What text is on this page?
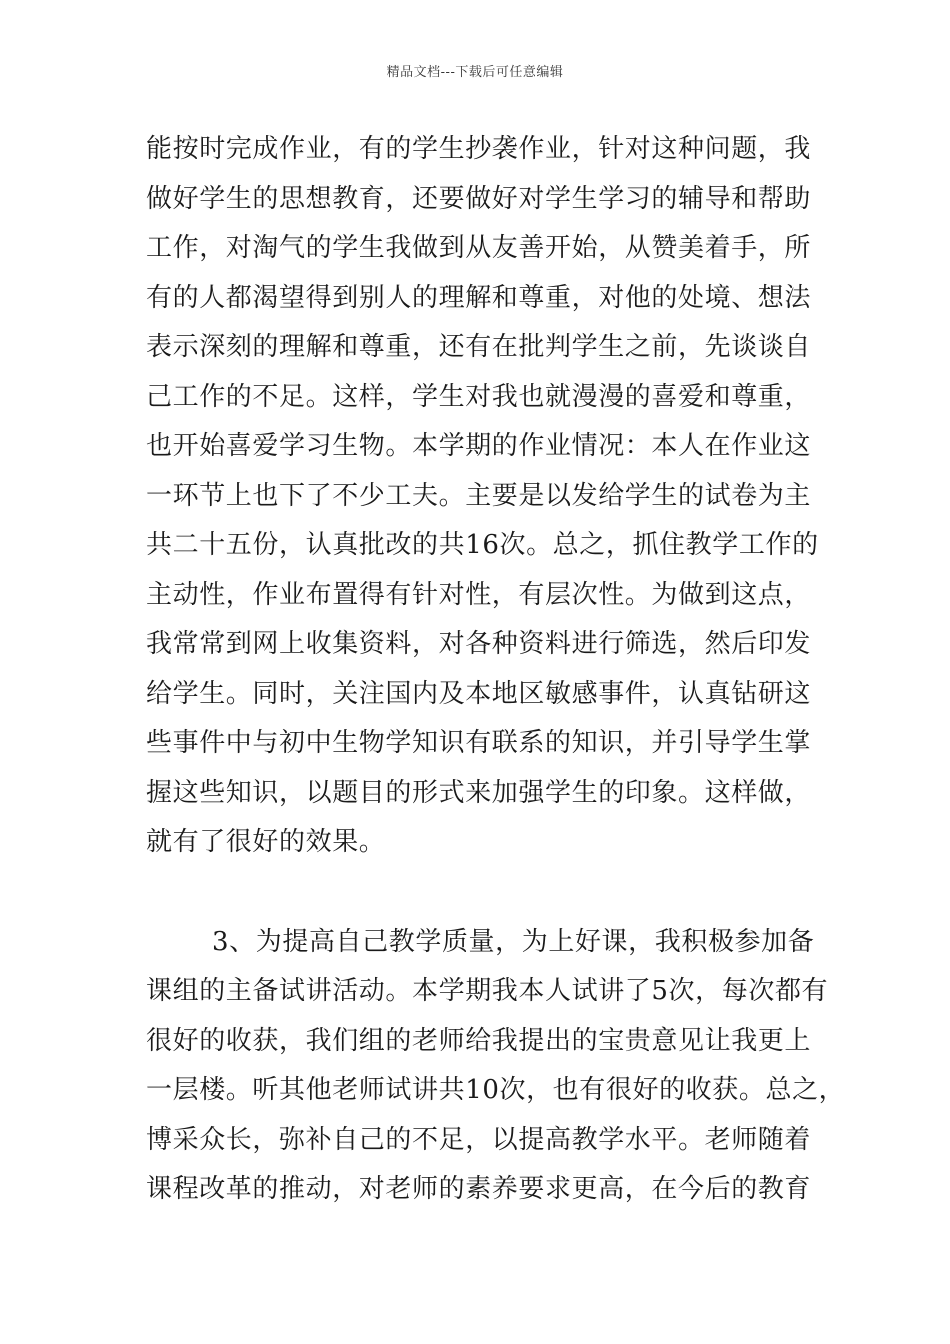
精品文档---下载后可任意编辑
能按时完成作业，有的学生抄袭作业，针对这种问题，我
做好学生的思想教育，还要做好对学生学习的辅导和帮助
工作，对淘气的学生我做到从友善开始，从赞美着手，所
有的人都渴望得到别人的理解和尊重，对他的处境、想法
表示深刻的理解和尊重，还有在批判学生之前，先谈谈自
己工作的不足。这样，学生对我也就漫漫的喜爱和尊重，
也开始喜爱学习生物。本学期的作业情况：本人在作业这
一环节上也下了不少工夫。主要是以发给学生的试卷为主
共二十五份，认真批改的共16次。总之，抓住教学工作的
主动性，作业布置得有针对性，有层次性。为做到这点，
我常常到网上收集资料，对各种资料进行筛选，然后印发
给学生。同时，关注国内及本地区敏感事件，认真钻研这
些事件中与初中生物学知识有联系的知识，并引导学生掌
握这些知识，以题目的形式来加强学生的印象。这样做，
就有了很好的效果。
3、为提高自己教学质量，为上好课，我积极参加备
课组的主备试讲活动。本学期我本人试讲了5次，每次都有
很好的收获，我们组的老师给我提出的宝贵意见让我更上
一层楼。听其他老师试讲共10次，也有很好的收获。总之，
博采众长，弥补自己的不足，以提高教学水平。老师随着
课程改革的推动，对老师的素养要求更高，在今后的教育
